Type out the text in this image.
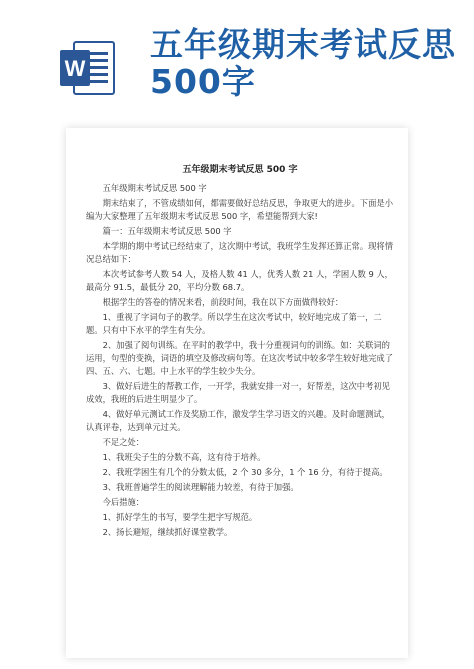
W
五年级期末考试反思500字
五年级期末考试反思 500 字

五年级期末考试反思 500 字

期末结束了，不管成绩如何，都需要做好总结反思，争取更大的进步。下面是小编为大家整理了五年级期末考试反思 500 字，希望能帮到大家!

篇一：五年级期末考试反思 500 字

本学期的期中考试已经结束了，这次期中考试，我班学生发挥还算正常。现将情况总结如下：

本次考试参考人数 54 人，及格人数 41 人，优秀人数 21 人，学困人数 9 人，最高分 91.5，最低分 20，平均分数 68.7。

根据学生的答卷的情况来看，前段时间，我在以下方面做得较好：

1、重视了字词句子的教学。所以学生在这次考试中，较好地完成了第一，二题。只有中下水平的学生有失分。

2、加强了阅句训练。在平时的教学中，我十分重视词句的训练。如：关联词的运用，句型的变换，词语的填空及修改病句等。在这次考试中较多学生较好地完成了四、五、六、七题。中上水平的学生较少失分。

3、做好后进生的帮教工作，一开学，我就安排一对一，好帮差，这次中考初见成效，我班的后进生明显少了。

4、做好单元测试工作及奖励工作，激发学生学习语文的兴趣。及时命题测试，认真评卷，达到单元过关。

不足之处：

1、我班尖子生的分数不高，这有待于培养。

2、我班学困生有几个的分数太低，2 个 30 多分，1 个 16 分，有待于提高。

3、我班普遍学生的阅读理解能力较差，有待于加强。

今后措施：

1、抓好学生的书写，要学生把字写规范。

2、扬长避短，继续抓好课堂教学。
